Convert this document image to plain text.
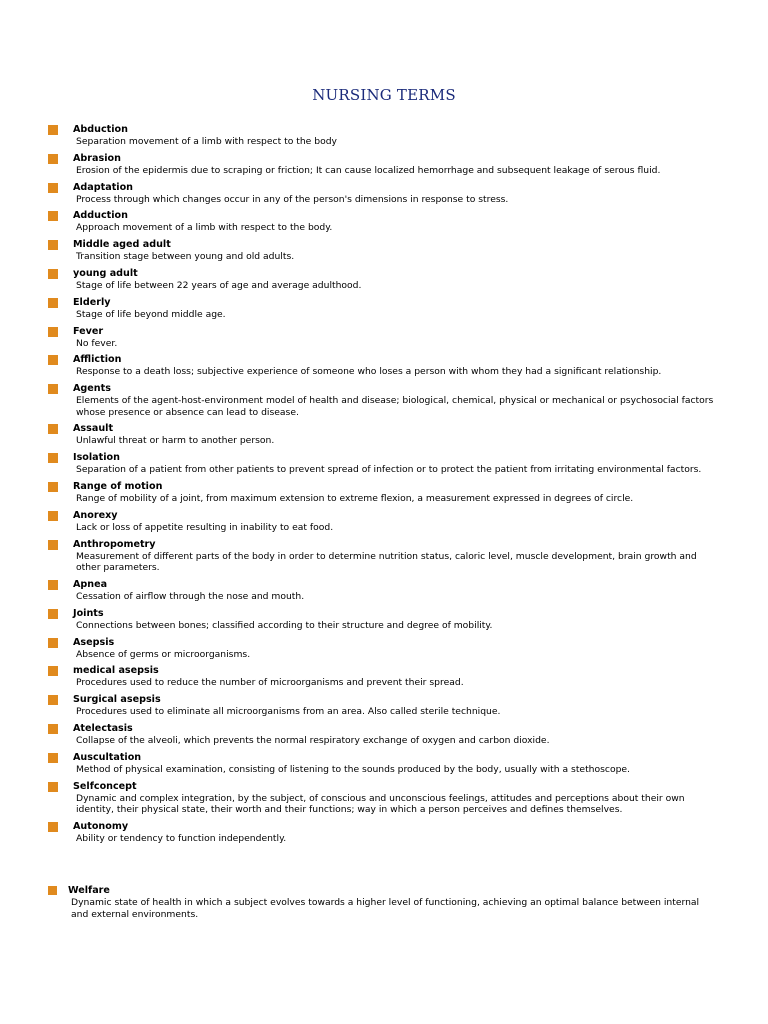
NURSING TERMS
Abduction
Separation movement of a limb with respect to the body
Abrasion
Erosion of the epidermis due to scraping or friction; It can cause localized hemorrhage and subsequent leakage of serous fluid.
Adaptation
Process through which changes occur in any of the person's dimensions in response to stress.
Adduction
Approach movement of a limb with respect to the body.
Middle aged adult
Transition stage between young and old adults.
young adult
Stage of life between 22 years of age and average adulthood.
Elderly
Stage of life beyond middle age.
Fever
No fever.
Affliction
Response to a death loss; subjective experience of someone who loses a person with whom they had a significant relationship.
Agents
Elements of the agent-host-environment model of health and disease; biological, chemical, physical or mechanical or psychosocial factors whose presence or absence can lead to disease.
Assault
Unlawful threat or harm to another person.
Isolation
Separation of a patient from other patients to prevent spread of infection or to protect the patient from irritating environmental factors.
Range of motion
Range of mobility of a joint, from maximum extension to extreme flexion, a measurement expressed in degrees of circle.
Anorexy
Lack or loss of appetite resulting in inability to eat food.
Anthropometry
Measurement of different parts of the body in order to determine nutrition status, caloric level, muscle development, brain growth and other parameters.
Apnea
Cessation of airflow through the nose and mouth.
Joints
Connections between bones; classified according to their structure and degree of mobility.
Asepsis
Absence of germs or microorganisms.
medical asepsis
Procedures used to reduce the number of microorganisms and prevent their spread.
Surgical asepsis
Procedures used to eliminate all microorganisms from an area. Also called sterile technique.
Atelectasis
Collapse of the alveoli, which prevents the normal respiratory exchange of oxygen and carbon dioxide.
Auscultation
Method of physical examination, consisting of listening to the sounds produced by the body, usually with a stethoscope.
Selfconcept
Dynamic and complex integration, by the subject, of conscious and unconscious feelings, attitudes and perceptions about their own identity, their physical state, their worth and their functions; way in which a person perceives and defines themselves.
Autonomy
Ability or tendency to function independently.
Welfare
Dynamic state of health in which a subject evolves towards a higher level of functioning, achieving an optimal balance between internal and external environments.
